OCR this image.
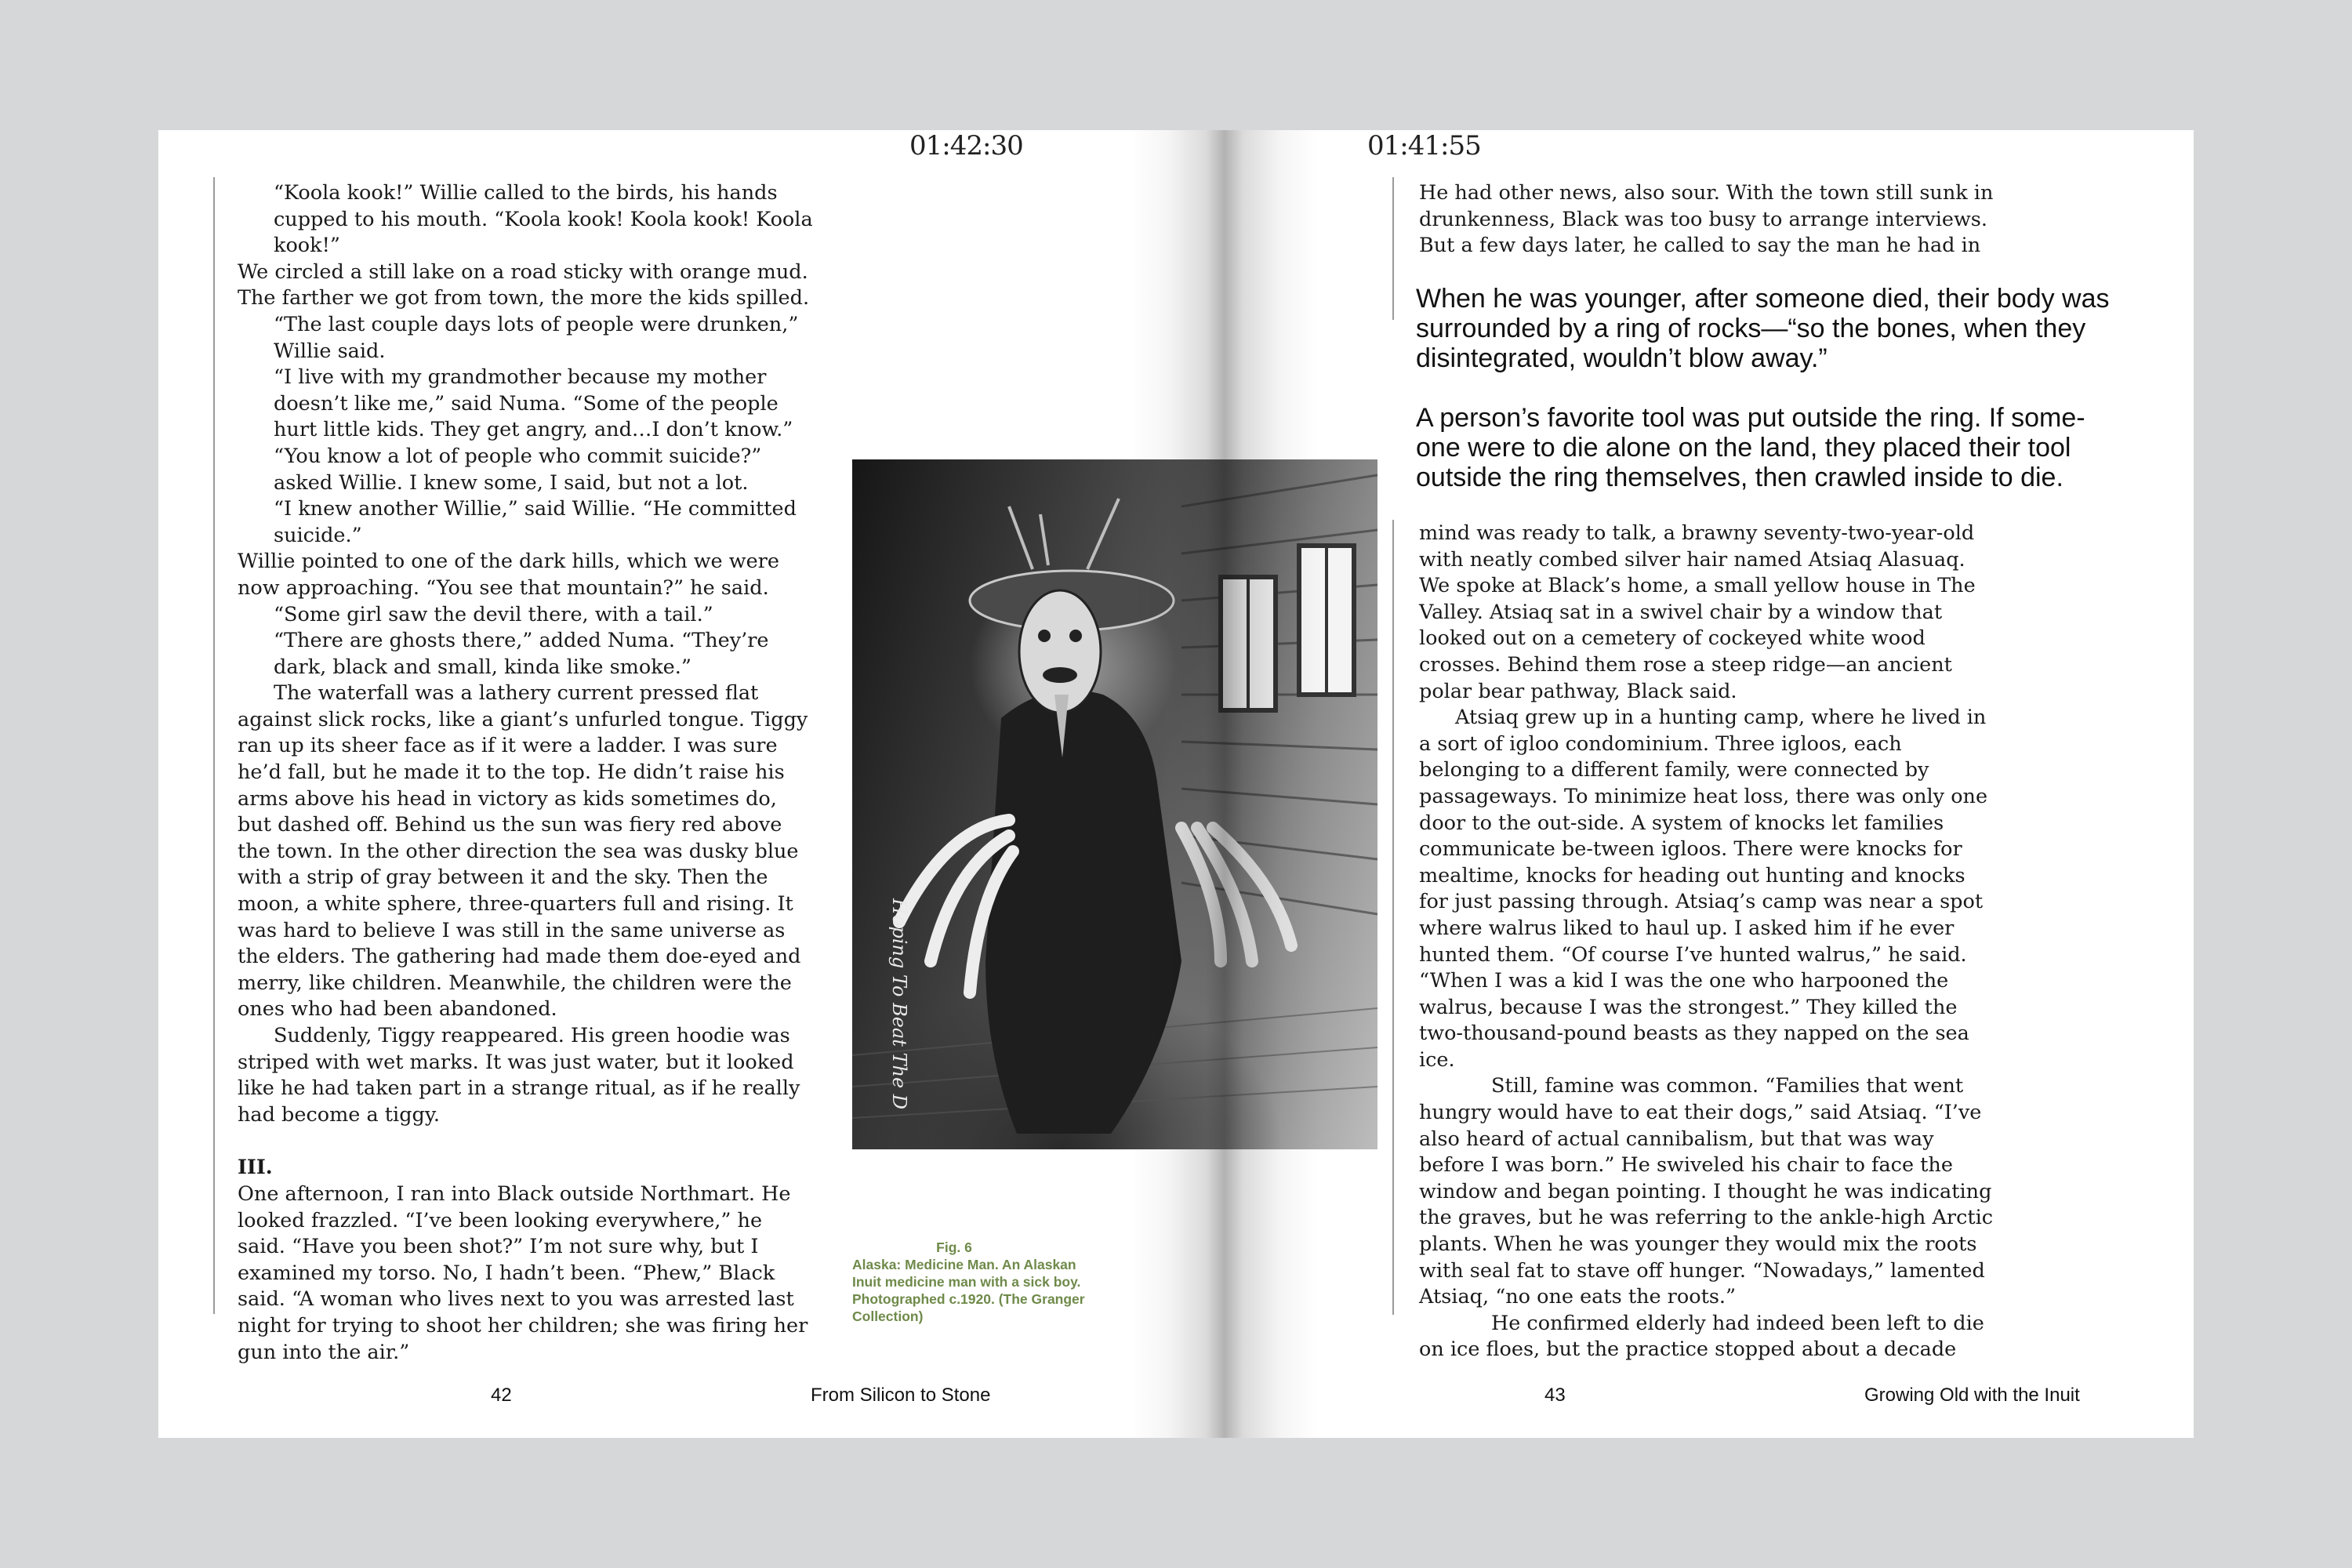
01:42:30

“Koola kook!” Willie called to the birds, his hands cupped to his mouth. “Koola kook! Koola kook! Koola kook!”

We circled a still lake on a road sticky with orange mud. The farther we got from town, the more the kids spilled.

“The last couple days lots of people were drunken,” Willie said.

“I live with my grandmother because my mother doesn’t like me,” said Numa. “Some of the people hurt little kids. They get angry, and…I don’t know.”

“You know a lot of people who commit suicide?” asked Willie. I knew some, I said, but not a lot.

“I knew another Willie,” said Willie. “He committed suicide.”

Willie pointed to one of the dark hills, which we were now approaching. “You see that mountain?” he said.

“Some girl saw the devil there, with a tail.”

“There are ghosts there,” added Numa. “They’re dark, black and small, kinda like smoke.”

The waterfall was a lathery current pressed flat against slick rocks, like a giant’s unfurled tongue. Tiggy ran up its sheer face as if it were a ladder. I was sure he’d fall, but he made it to the top. He didn’t raise his arms above his head in victory as kids sometimes do, but dashed off. Behind us the sun was fiery red above the town. In the other direction the sea was dusky blue with a strip of gray between it and the sky. Then the moon, a white sphere, three-quarters full and rising. It was hard to believe I was still in the same universe as the elders. The gathering had made them doe-eyed and merry, like children. Meanwhile, the children were the ones who had been abandoned.

Suddenly, Tiggy reappeared. His green hoodie was striped with wet marks. It was just water, but it looked like he had taken part in a strange ritual, as if he really had become a tiggy.

III.

One afternoon, I ran into Black outside Northmart. He looked frazzled. “I’ve been looking everywhere,” he said. “Have you been shot?” I’m not sure why, but I examined my torso. No, I hadn’t been. “Phew,” Black said. “A woman who lives next to you was arrested last night for trying to shoot her children; she was firing her gun into the air.”

Hoping To Beat The D
Fig. 6
Alaska: Medicine Man. An Alaskan Inuit medicine man with a sick boy. Photographed c.1920. (The Granger Collection)
42	From Silicon to Stone
01:41:55

He had other news, also sour. With the town still sunk in drunkenness, Black was too busy to arrange interviews. But a few days later, he called to say the man he had in

When he was younger, after someone died, their body was surrounded by a ring of rocks—“so the bones, when they disintegrated, wouldn’t blow away.”

A person’s favorite tool was put outside the ring. If some-one were to die alone on the land, they placed their tool outside the ring themselves, then crawled inside to die.

mind was ready to talk, a brawny seventy-two-year-old with neatly combed silver hair named Atsiaq Alasuaq. We spoke at Black’s home, a small yellow house in The Valley. Atsiaq sat in a swivel chair by a window that looked out on a cemetery of cockeyed white wood crosses. Behind them rose a steep ridge—an ancient polar bear pathway, Black said.

Atsiaq grew up in a hunting camp, where he lived in a sort of igloo condominium. Three igloos, each belonging to a different family, were connected by passageways. To minimize heat loss, there was only one door to the out-side. A system of knocks let families communicate be-tween igloos. There were knocks for mealtime, knocks for heading out hunting and knocks for just passing through. Atsiaq’s camp was near a spot where walrus liked to haul up. I asked him if he ever hunted them. “Of course I’ve hunted walrus,” he said. “When I was a kid I was the one who harpooned the walrus, because I was the strongest.” They killed the two-thousand-pound beasts as they napped on the sea ice.

Still, famine was common. “Families that went hungry would have to eat their dogs,” said Atsiaq. “I’ve also heard of actual cannibalism, but that was way before I was born.” He swiveled his chair to face the window and began pointing. I thought he was indicating the graves, but he was referring to the ankle-high Arctic plants. When he was younger they would mix the roots with seal fat to stave off hunger. “Nowadays,” lamented Atsiaq, “no one eats the roots.”

He confirmed elderly had indeed been left to die on ice floes, but the practice stopped about a decade

43	Growing Old with the Inuit
